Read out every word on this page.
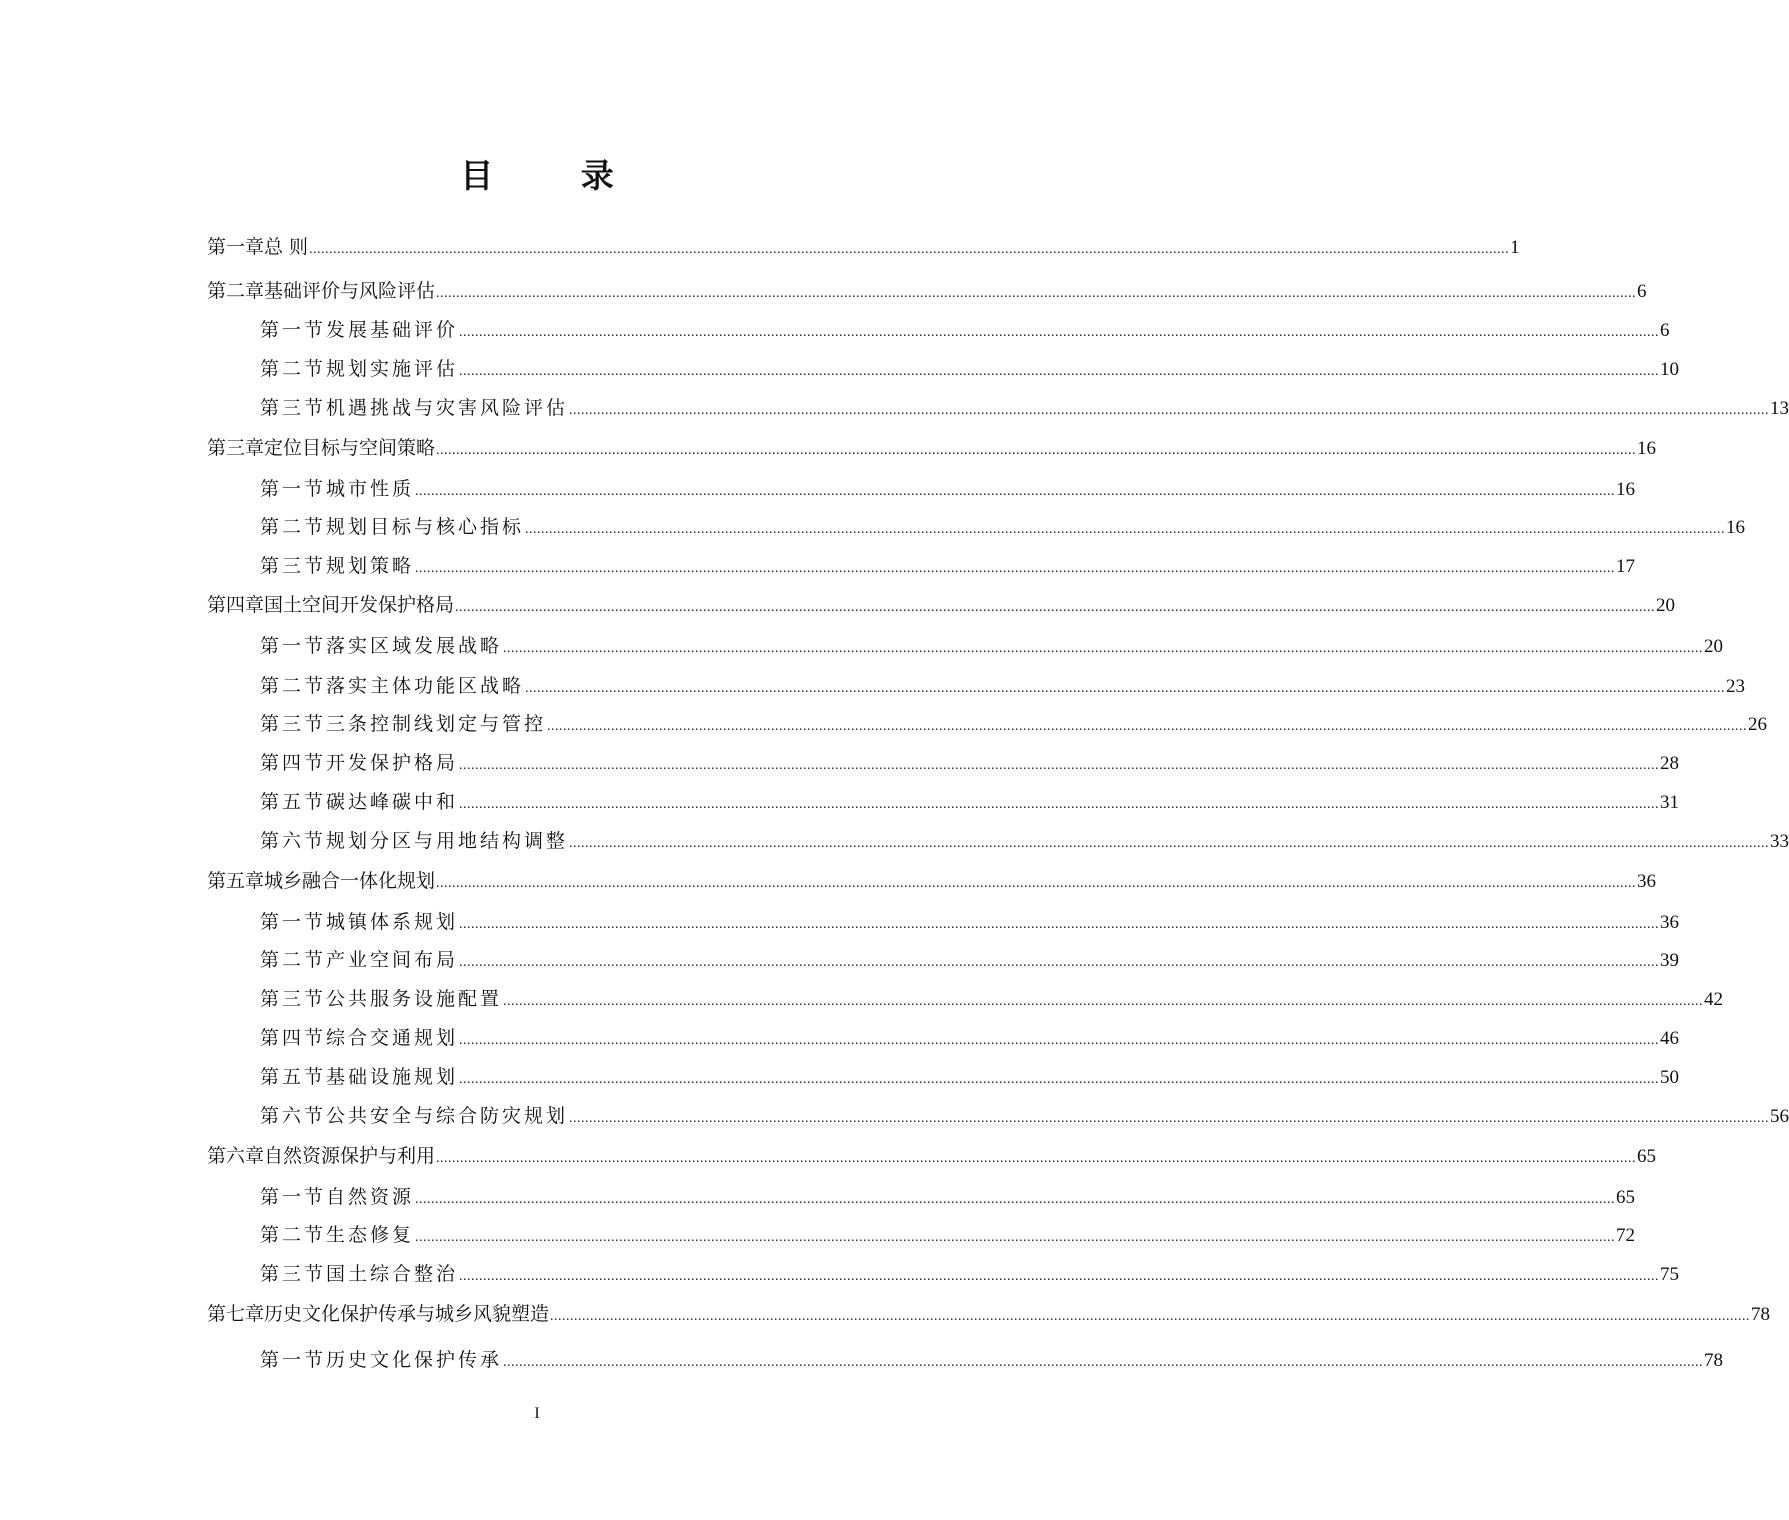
目 录
第一章 总 则 ............................................................................................................................................................................................................................................................................................................ 1
第二章 基础评价与风险评估 ............................................................................................................................................................................................................................................................................................................ 6
第一节 发展基础评价 ............................................................................................................................................................................................................................................................................................................ 6
第二节 规划实施评估 ............................................................................................................................................................................................................................................................................................................ 10
第三节 机遇挑战与灾害风险评估 ............................................................................................................................................................................................................................................................................................................ 13
第三章 定位目标与空间策略 ............................................................................................................................................................................................................................................................................................................ 16
第一节 城市性质 ............................................................................................................................................................................................................................................................................................................ 16
第二节 规划目标与核心指标 ............................................................................................................................................................................................................................................................................................................ 16
第三节 规划策略 ............................................................................................................................................................................................................................................................................................................ 17
第四章 国土空间开发保护格局 ............................................................................................................................................................................................................................................................................................................ 20
第一节 落实区域发展战略 ............................................................................................................................................................................................................................................................................................................ 20
第二节 落实主体功能区战略 ............................................................................................................................................................................................................................................................................................................ 23
第三节 三条控制线划定与管控 ............................................................................................................................................................................................................................................................................................................ 26
第四节 开发保护格局 ............................................................................................................................................................................................................................................................................................................ 28
第五节 碳达峰碳中和 ............................................................................................................................................................................................................................................................................................................ 31
第六节 规划分区与用地结构调整 ............................................................................................................................................................................................................................................................................................................ 33
第五章 城乡融合一体化规划 ............................................................................................................................................................................................................................................................................................................ 36
第一节 城镇体系规划 ............................................................................................................................................................................................................................................................................................................ 36
第二节 产业空间布局 ............................................................................................................................................................................................................................................................................................................ 39
第三节 公共服务设施配置 ............................................................................................................................................................................................................................................................................................................ 42
第四节 综合交通规划 ............................................................................................................................................................................................................................................................................................................ 46
第五节 基础设施规划 ............................................................................................................................................................................................................................................................................................................ 50
第六节 公共安全与综合防灾规划 ............................................................................................................................................................................................................................................................................................................ 56
第六章 自然资源保护与利用 ............................................................................................................................................................................................................................................................................................................ 65
第一节 自然资源 ............................................................................................................................................................................................................................................................................................................ 65
第二节 生态修复 ............................................................................................................................................................................................................................................................................................................ 72
第三节 国土综合整治 ............................................................................................................................................................................................................................................................................................................ 75
第七章 历史文化保护传承与城乡风貌塑造 ............................................................................................................................................................................................................................................................................................................ 78
第一节 历史文化保护传承 ............................................................................................................................................................................................................................................................................................................ 78
I
